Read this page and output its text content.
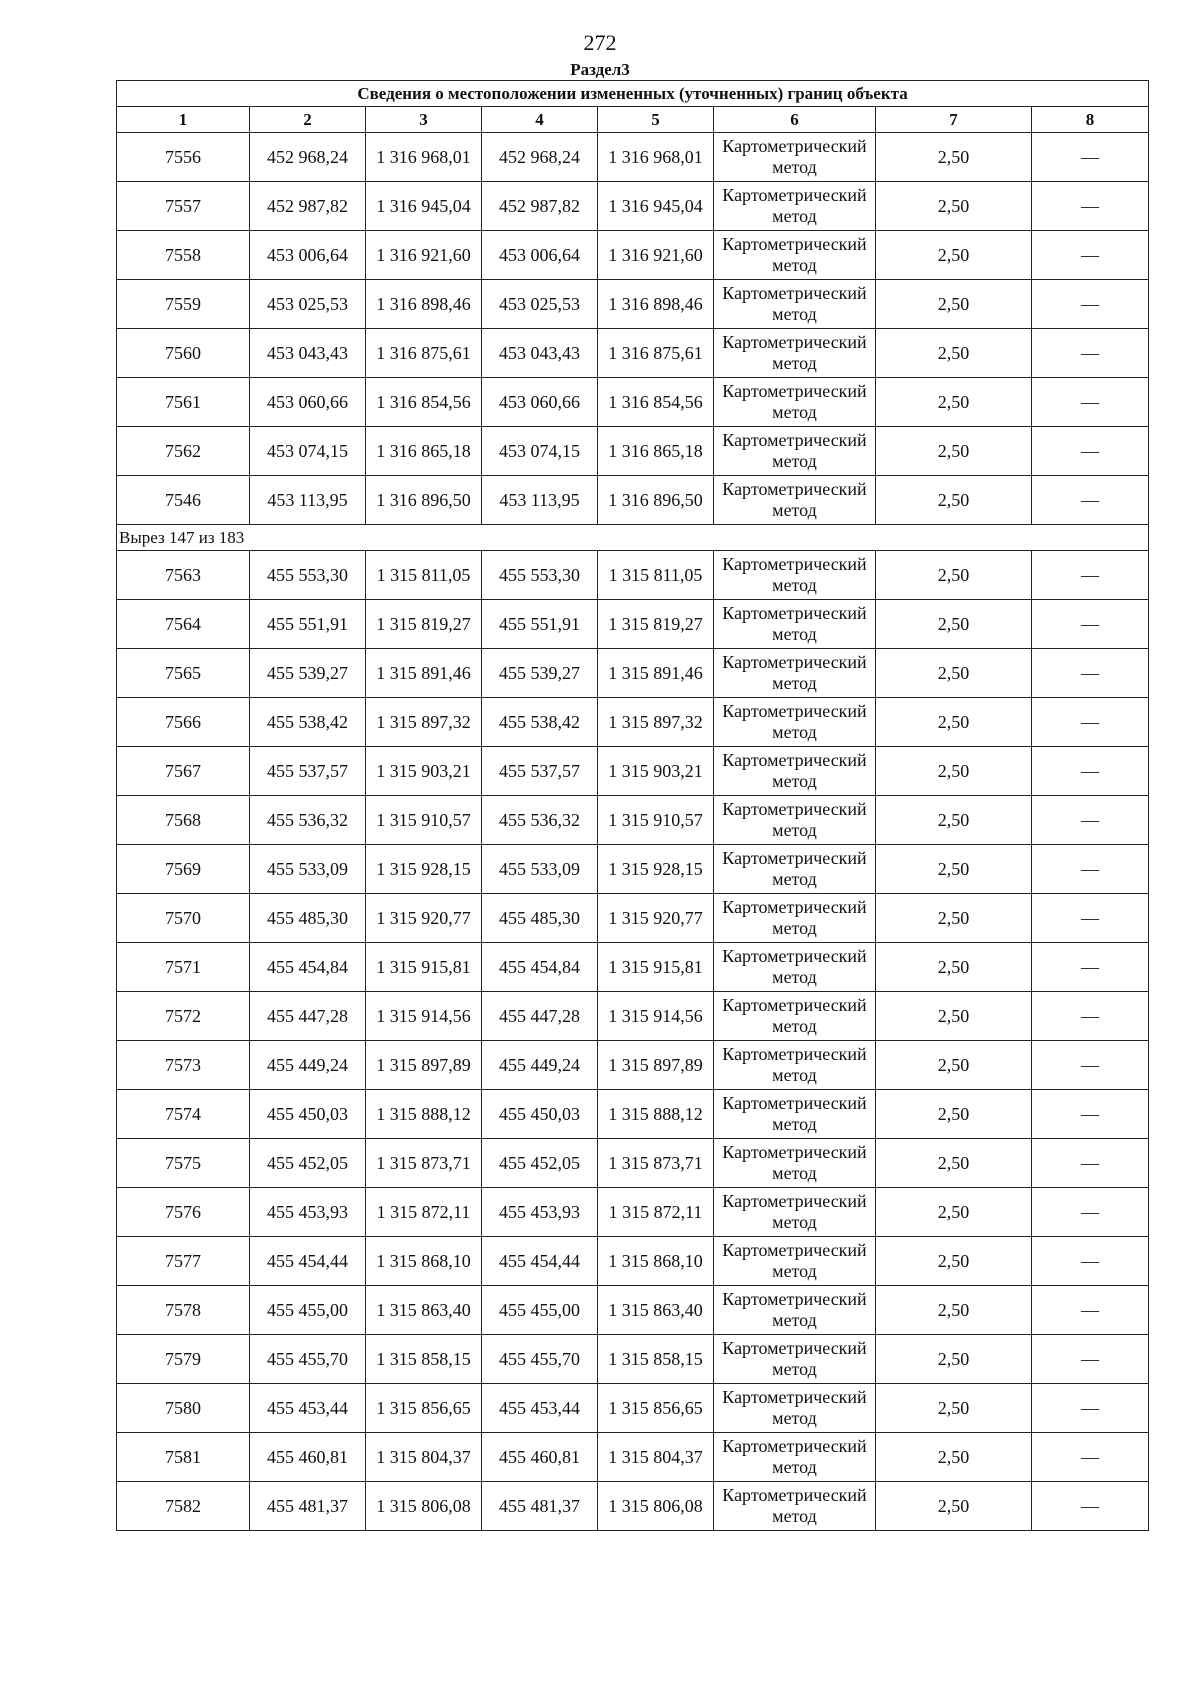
272
Раздел3
Сведения о местоположении измененных (уточненных) границ объекта							
1	2	3	4	5	6	7	8
7556	452 968,24	1 316 968,01	452 968,24	1 316 968,01	Картометрический метод	2,50	—
7557	452 987,82	1 316 945,04	452 987,82	1 316 945,04	Картометрический метод	2,50	—
7558	453 006,64	1 316 921,60	453 006,64	1 316 921,60	Картометрический метод	2,50	—
7559	453 025,53	1 316 898,46	453 025,53	1 316 898,46	Картометрический метод	2,50	—
7560	453 043,43	1 316 875,61	453 043,43	1 316 875,61	Картометрический метод	2,50	—
7561	453 060,66	1 316 854,56	453 060,66	1 316 854,56	Картометрический метод	2,50	—
7562	453 074,15	1 316 865,18	453 074,15	1 316 865,18	Картометрический метод	2,50	—
7546	453 113,95	1 316 896,50	453 113,95	1 316 896,50	Картометрический метод	2,50	—
Вырез 147 из 183							
7563	455 553,30	1 315 811,05	455 553,30	1 315 811,05	Картометрический метод	2,50	—
7564	455 551,91	1 315 819,27	455 551,91	1 315 819,27	Картометрический метод	2,50	—
7565	455 539,27	1 315 891,46	455 539,27	1 315 891,46	Картометрический метод	2,50	—
7566	455 538,42	1 315 897,32	455 538,42	1 315 897,32	Картометрический метод	2,50	—
7567	455 537,57	1 315 903,21	455 537,57	1 315 903,21	Картометрический метод	2,50	—
7568	455 536,32	1 315 910,57	455 536,32	1 315 910,57	Картометрический метод	2,50	—
7569	455 533,09	1 315 928,15	455 533,09	1 315 928,15	Картометрический метод	2,50	—
7570	455 485,30	1 315 920,77	455 485,30	1 315 920,77	Картометрический метод	2,50	—
7571	455 454,84	1 315 915,81	455 454,84	1 315 915,81	Картометрический метод	2,50	—
7572	455 447,28	1 315 914,56	455 447,28	1 315 914,56	Картометрический метод	2,50	—
7573	455 449,24	1 315 897,89	455 449,24	1 315 897,89	Картометрический метод	2,50	—
7574	455 450,03	1 315 888,12	455 450,03	1 315 888,12	Картометрический метод	2,50	—
7575	455 452,05	1 315 873,71	455 452,05	1 315 873,71	Картометрический метод	2,50	—
7576	455 453,93	1 315 872,11	455 453,93	1 315 872,11	Картометрический метод	2,50	—
7577	455 454,44	1 315 868,10	455 454,44	1 315 868,10	Картометрический метод	2,50	—
7578	455 455,00	1 315 863,40	455 455,00	1 315 863,40	Картометрический метод	2,50	—
7579	455 455,70	1 315 858,15	455 455,70	1 315 858,15	Картометрический метод	2,50	—
7580	455 453,44	1 315 856,65	455 453,44	1 315 856,65	Картометрический метод	2,50	—
7581	455 460,81	1 315 804,37	455 460,81	1 315 804,37	Картометрический метод	2,50	—
7582	455 481,37	1 315 806,08	455 481,37	1 315 806,08	Картометрический метод	2,50	—
